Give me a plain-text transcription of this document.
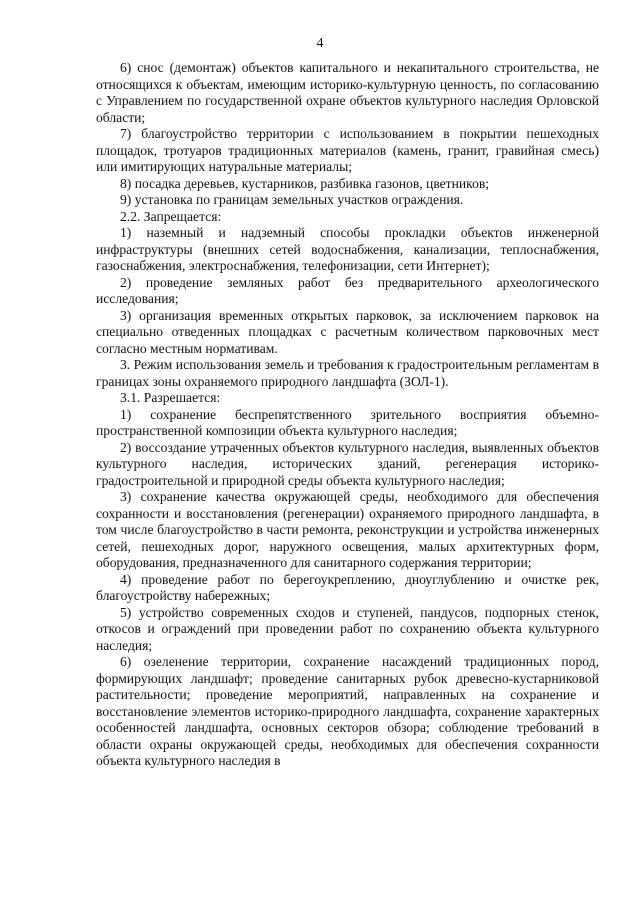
4

6) снос (демонтаж) объектов капитального и некапитального строительства, не относящихся к объектам, имеющим историко-культурную ценность, по согласованию с Управлением по государственной охране объектов культурного наследия Орловской области;

7) благоустройство территории с использованием в покрытии пешеходных площадок, тротуаров традиционных материалов (камень, гранит, гравийная смесь) или имитирующих натуральные материалы;

8) посадка деревьев, кустарников, разбивка газонов, цветников;

9) установка по границам земельных участков ограждения.

2.2. Запрещается:

1) наземный и надземный способы прокладки объектов инженерной инфраструктуры (внешних сетей водоснабжения, канализации, теплоснабжения, газоснабжения, электроснабжения, телефонизации, сети Интернет);

2) проведение земляных работ без предварительного археологического исследования;

3) организация временных открытых парковок, за исключением парковок на специально отведенных площадках с расчетным количеством парковочных мест согласно местным нормативам.

3. Режим использования земель и требования к градостроительным регламентам в границах зоны охраняемого природного ландшафта (ЗОЛ-1).

3.1. Разрешается:

1) сохранение беспрепятственного зрительного восприятия объемно-пространственной композиции объекта культурного наследия;

2) воссоздание утраченных объектов культурного наследия, выявленных объектов культурного наследия, исторических зданий, регенерация историко-градостроительной и природной среды объекта культурного наследия;

3) сохранение качества окружающей среды, необходимого для обеспечения сохранности и восстановления (регенерации) охраняемого природного ландшафта, в том числе благоустройство в части ремонта, реконструкции и устройства инженерных сетей, пешеходных дорог, наружного освещения, малых архитектурных форм, оборудования, предназначенного для санитарного содержания территории;

4) проведение работ по берегоукреплению, дноуглублению и очистке рек, благоустройству набережных;

5) устройство современных сходов и ступеней, пандусов, подпорных стенок, откосов и ограждений при проведении работ по сохранению объекта культурного наследия;

6) озеленение территории, сохранение насаждений традиционных пород, формирующих ландшафт; проведение санитарных рубок древесно-кустарниковой растительности; проведение мероприятий, направленных на сохранение и восстановление элементов историко-природного ландшафта, сохранение характерных особенностей ландшафта, основных секторов обзора; соблюдение требований в области охраны окружающей среды, необходимых для обеспечения сохранности объекта культурного наследия в
